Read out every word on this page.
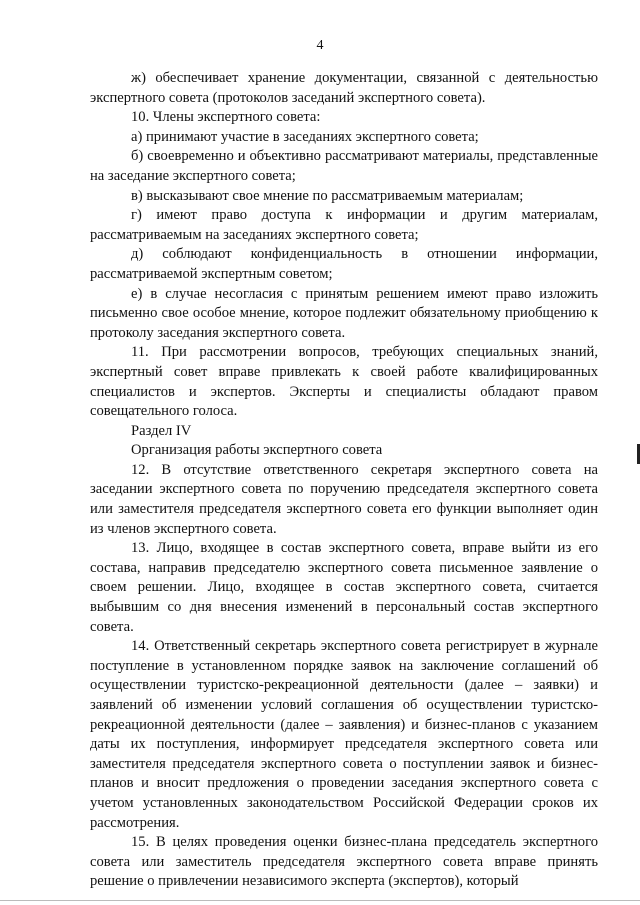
4

ж) обеспечивает хранение документации, связанной с деятельностью экспертного совета (протоколов заседаний экспертного совета).

10. Члены экспертного совета:

а) принимают участие в заседаниях экспертного совета;

б) своевременно и объективно рассматривают материалы, представленные на заседание экспертного совета;

в) высказывают свое мнение по рассматриваемым материалам;

г) имеют право доступа к информации и другим материалам, рассматриваемым на заседаниях экспертного совета;

д) соблюдают конфиденциальность в отношении информации, рассматриваемой экспертным советом;

е) в случае несогласия с принятым решением имеют право изложить письменно свое особое мнение, которое подлежит обязательному приобщению к протоколу заседания экспертного совета.

11. При рассмотрении вопросов, требующих специальных знаний, экспертный совет вправе привлекать к своей работе квалифицированных специалистов и экспертов. Эксперты и специалисты обладают правом совещательного голоса.

Раздел IV

Организация работы экспертного совета

12. В отсутствие ответственного секретаря экспертного совета на заседании экспертного совета по поручению председателя экспертного совета или заместителя председателя экспертного совета его функции выполняет один из членов экспертного совета.

13. Лицо, входящее в состав экспертного совета, вправе выйти из его состава, направив председателю экспертного совета письменное заявление о своем решении. Лицо, входящее в состав экспертного совета, считается выбывшим со дня внесения изменений в персональный состав экспертного совета.

14. Ответственный секретарь экспертного совета регистрирует в журнале поступление в установленном порядке заявок на заключение соглашений об осуществлении туристско-рекреационной деятельности (далее – заявки) и заявлений об изменении условий соглашения об осуществлении туристско-рекреационной деятельности (далее – заявления) и бизнес-планов с указанием даты их поступления, информирует председателя экспертного совета или заместителя председателя экспертного совета о поступлении заявок и бизнес-планов и вносит предложения о проведении заседания экспертного совета с учетом установленных законодательством Российской Федерации сроков их рассмотрения.

15. В целях проведения оценки бизнес-плана председатель экспертного совета или заместитель председателя экспертного совета вправе принять решение о привлечении независимого эксперта (экспертов), который
